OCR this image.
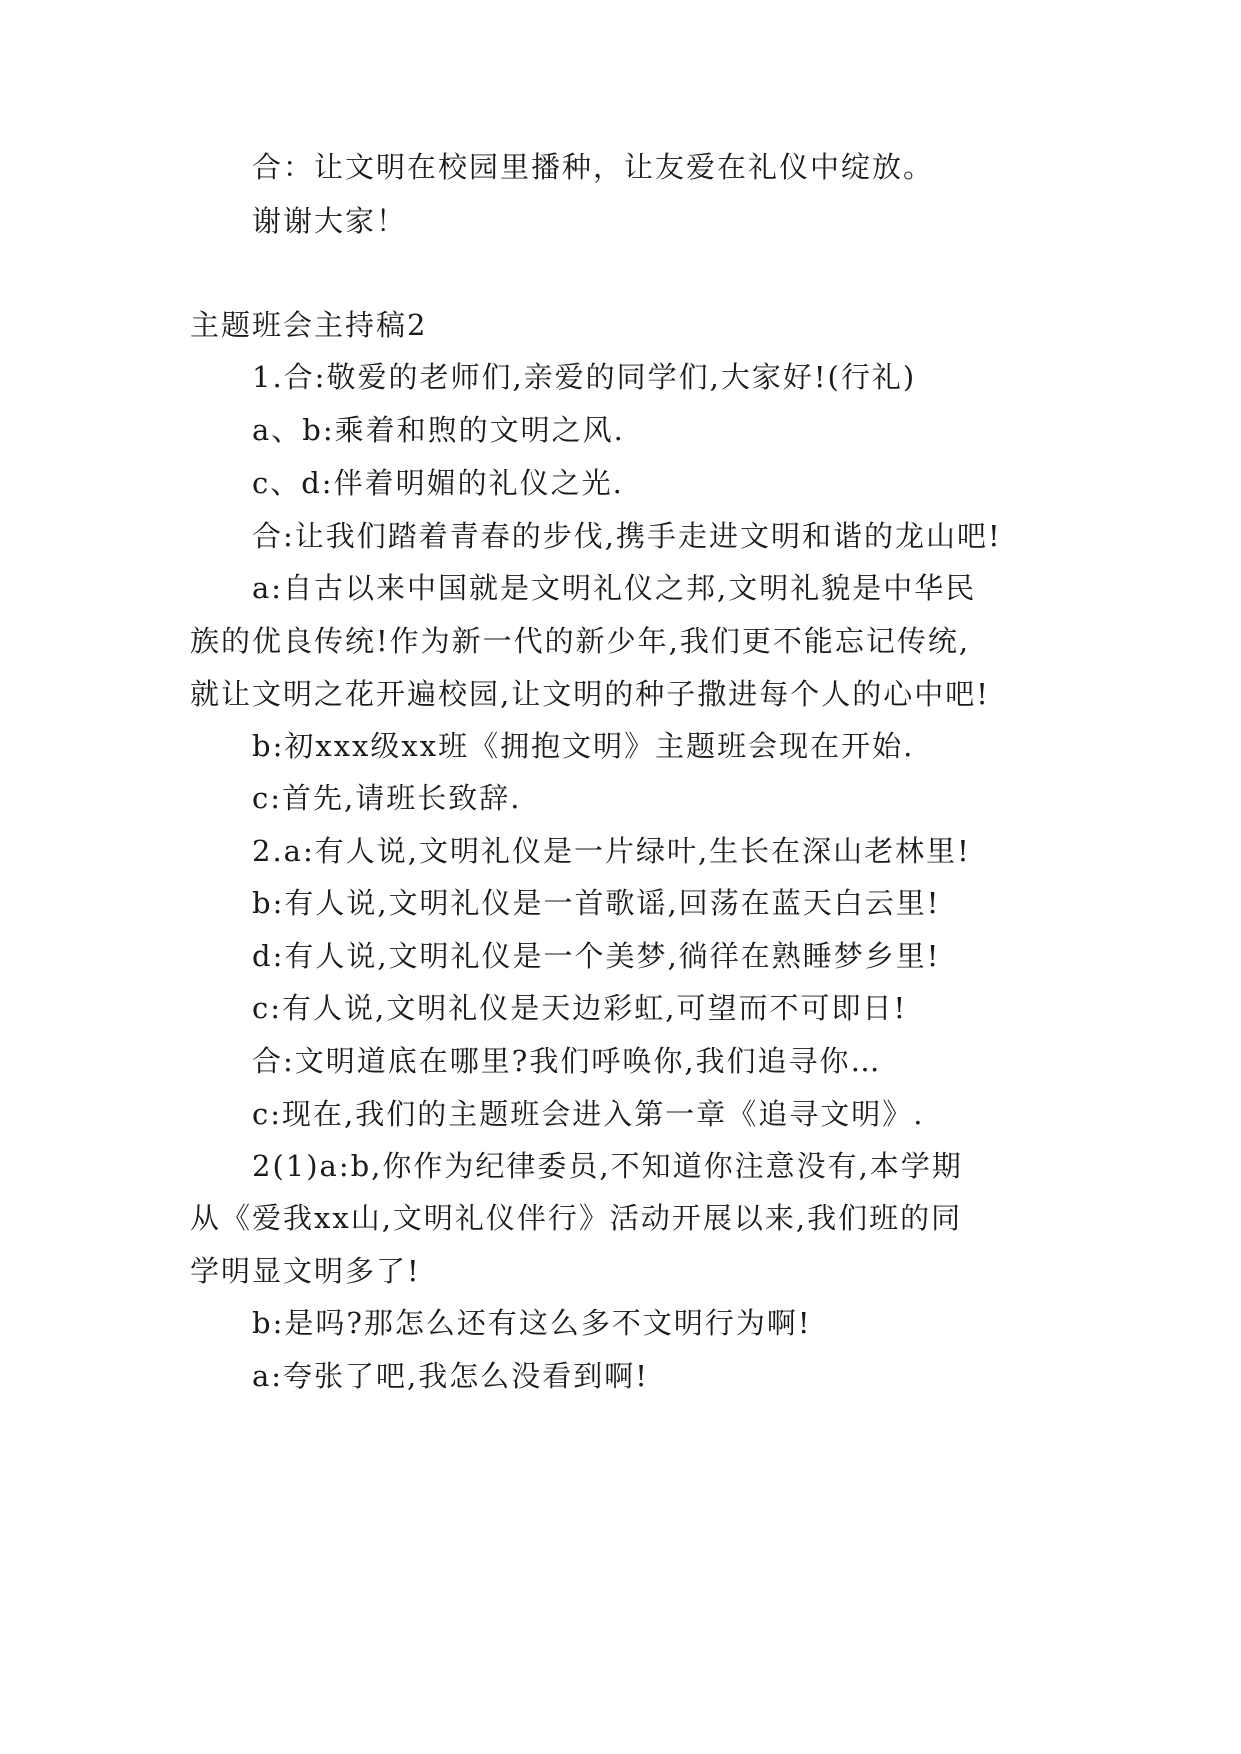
合：让文明在校园里播种，让友爱在礼仪中绽放。
谢谢大家！
主题班会主持稿2
1.合:敬爱的老师们,亲爱的同学们,大家好!(行礼)
a、b:乘着和煦的文明之风.
c、d:伴着明媚的礼仪之光.
合:让我们踏着青春的步伐,携手走进文明和谐的龙山吧!
a:自古以来中国就是文明礼仪之邦,文明礼貌是中华民
族的优良传统!作为新一代的新少年,我们更不能忘记传统,
就让文明之花开遍校园,让文明的种子撒进每个人的心中吧!
b:初xxx级xx班《拥抱文明》主题班会现在开始.
c:首先,请班长致辞.
2.a:有人说,文明礼仪是一片绿叶,生长在深山老林里!
b:有人说,文明礼仪是一首歌谣,回荡在蓝天白云里!
d:有人说,文明礼仪是一个美梦,徜徉在熟睡梦乡里!
c:有人说,文明礼仪是天边彩虹,可望而不可即日!
合:文明道底在哪里?我们呼唤你,我们追寻你…
c:现在,我们的主题班会进入第一章《追寻文明》.
2(1)a:b,你作为纪律委员,不知道你注意没有,本学期
从《爱我xx山,文明礼仪伴行》活动开展以来,我们班的同
学明显文明多了!
b:是吗?那怎么还有这么多不文明行为啊!
a:夸张了吧,我怎么没看到啊!
